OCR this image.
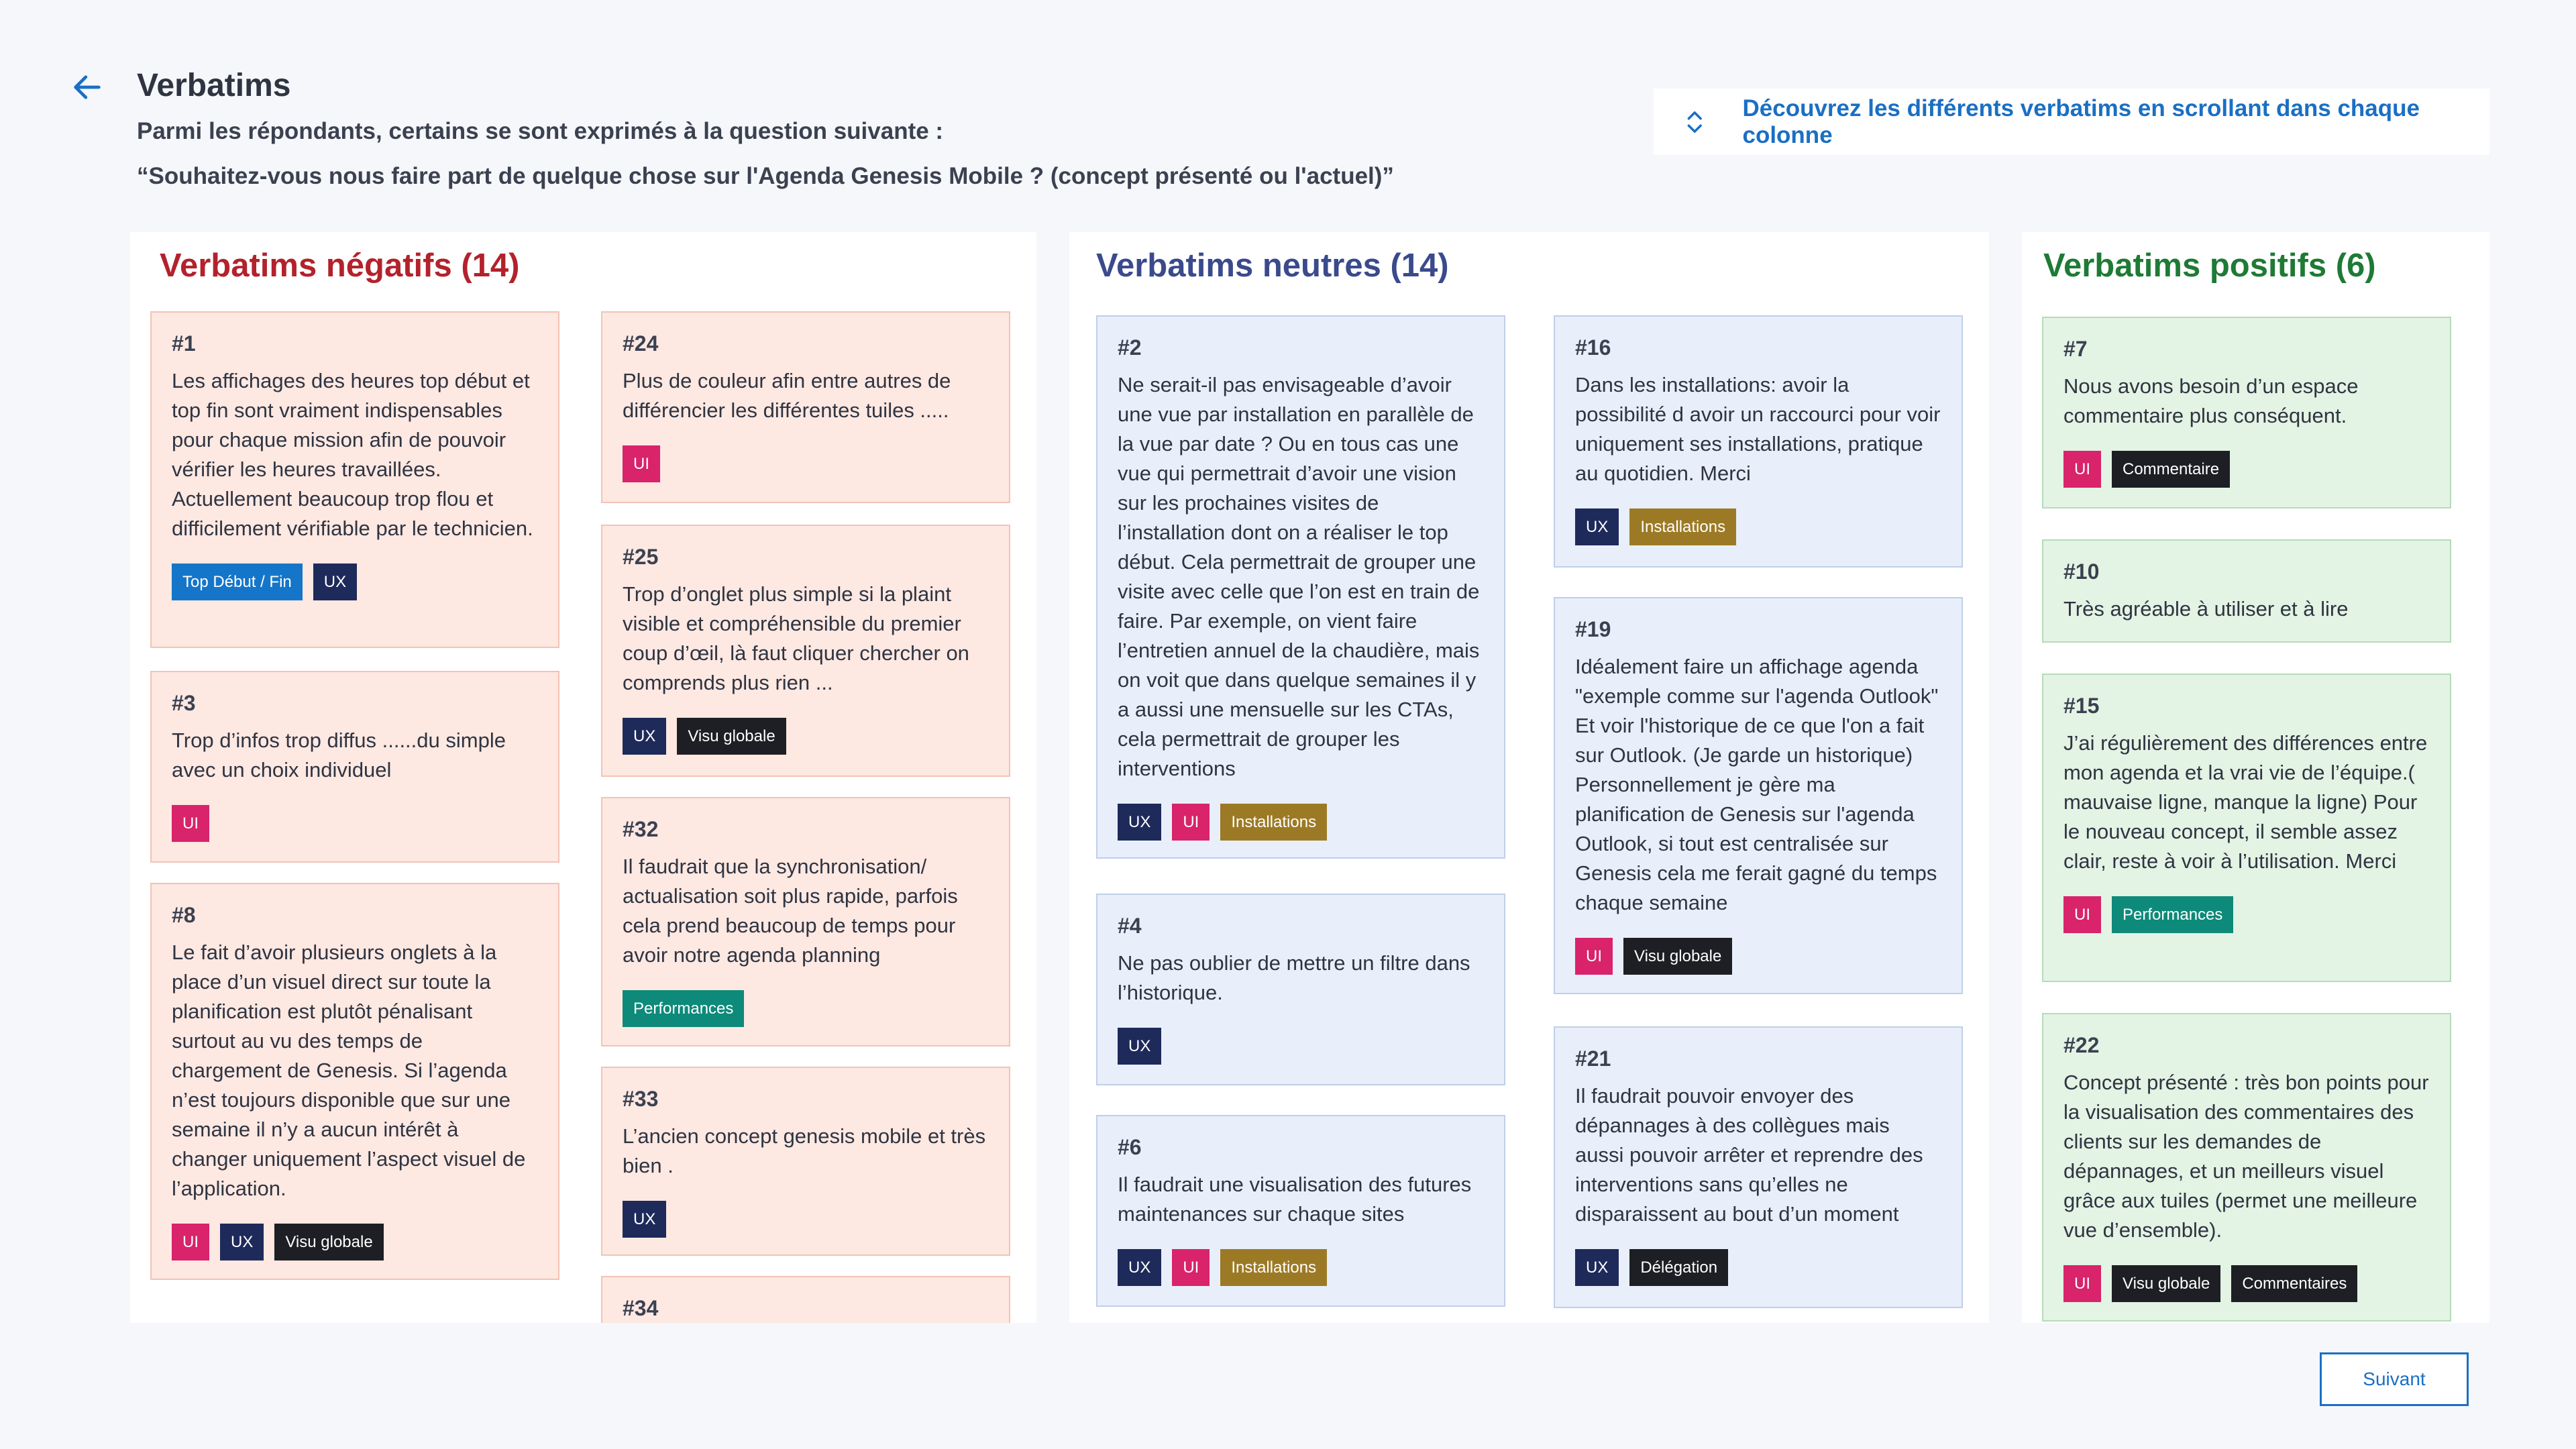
Verbatims
Parmi les répondants, certains se sont exprimés à la question suivante :
“Souhaitez-vous nous faire part de quelque chose sur l'Agenda Genesis Mobile ? (concept présenté ou l'actuel)”
Découvrez les différents verbatims en scrollant dans chaque colonne
#1
Les affichages des heures top début et top fin sont vraiment indispensables pour chaque mission afin de pouvoir vérifier les heures travaillées. Actuellement beaucoup trop flou et difficilement vérifiable par le technicien.
Top Début / Fin	UX
#3
Trop d’infos trop diffus ......du simple avec un choix individuel
UI
#8
Le fait d’avoir plusieurs onglets à la place d’un visuel direct sur toute la planification est plutôt pénalisant surtout au vu des temps de chargement de Genesis. Si l’agenda n’est toujours disponible que sur une semaine il n’y a aucun intérêt à changer uniquement l’aspect visuel de l’application.
UI	UX	Visu globale
#24
Plus de couleur afin entre autres de différencier les différentes tuiles .....
UI
#25
Trop d’onglet plus simple si la plaint visible et compréhensible du premier coup d’œil, là faut cliquer chercher on comprends plus rien ...
UX	Visu globale
#32
Il faudrait que la synchronisation/ actualisation soit plus rapide, parfois cela prend beaucoup de temps pour avoir notre agenda planning
Performances
#33
L’ancien concept genesis mobile et très bien .
UX
#34
#2
Ne serait-il pas envisageable d’avoir une vue par installation en parallèle de la vue par date ? Ou en tous cas une vue qui permettrait d’avoir une vision sur les prochaines visites de l’installation dont on a réaliser le top début. Cela permettrait de grouper une visite avec celle que l’on est en train de faire. Par exemple, on vient faire l’entretien annuel de la chaudière, mais on voit que dans quelque semaines il y a aussi une mensuelle sur les CTAs, cela permettrait de grouper les interventions
UX	UI	Installations
#4
Ne pas oublier de mettre un filtre dans l’historique.
UX
#6
Il faudrait une visualisation des futures maintenances sur chaque sites
UX	UI	Installations
#16
Dans les installations: avoir la possibilité d avoir un raccourci pour voir uniquement ses installations, pratique au quotidien. Merci
UX	Installations
#19
Idéalement faire un affichage agenda "exemple comme sur l'agenda Outlook" Et voir l'historique de ce que l'on a fait sur Outlook. (Je garde un historique) Personnellement je gère ma planification de Genesis sur l'agenda Outlook, si tout est centralisée sur Genesis cela me ferait gagné du temps chaque semaine
UI	Visu globale
#21
Il faudrait pouvoir envoyer des dépannages à des collègues mais aussi pouvoir arrêter et reprendre des interventions sans qu’elles ne disparaissent au bout d’un moment
UX	Délégation
#7
Nous avons besoin d’un espace commentaire plus conséquent.
UI	Commentaire
#10
Très agréable à utiliser et à lire
#15
J’ai régulièrement des différences entre mon agenda et la vrai vie de l’équipe.( mauvaise ligne, manque la ligne) Pour le nouveau concept, il semble assez clair, reste à voir à l’utilisation. Merci
UI	Performances
#22
Concept présenté : très bon points pour la visualisation des commentaires des clients sur les demandes de dépannages, et un meilleurs visuel grâce aux tuiles (permet une meilleure vue d’ensemble).
UI	Visu globale	Commentaires
Verbatims négatifs (14)	Verbatims neutres (14)	Verbatims positifs (6)
Suivant
